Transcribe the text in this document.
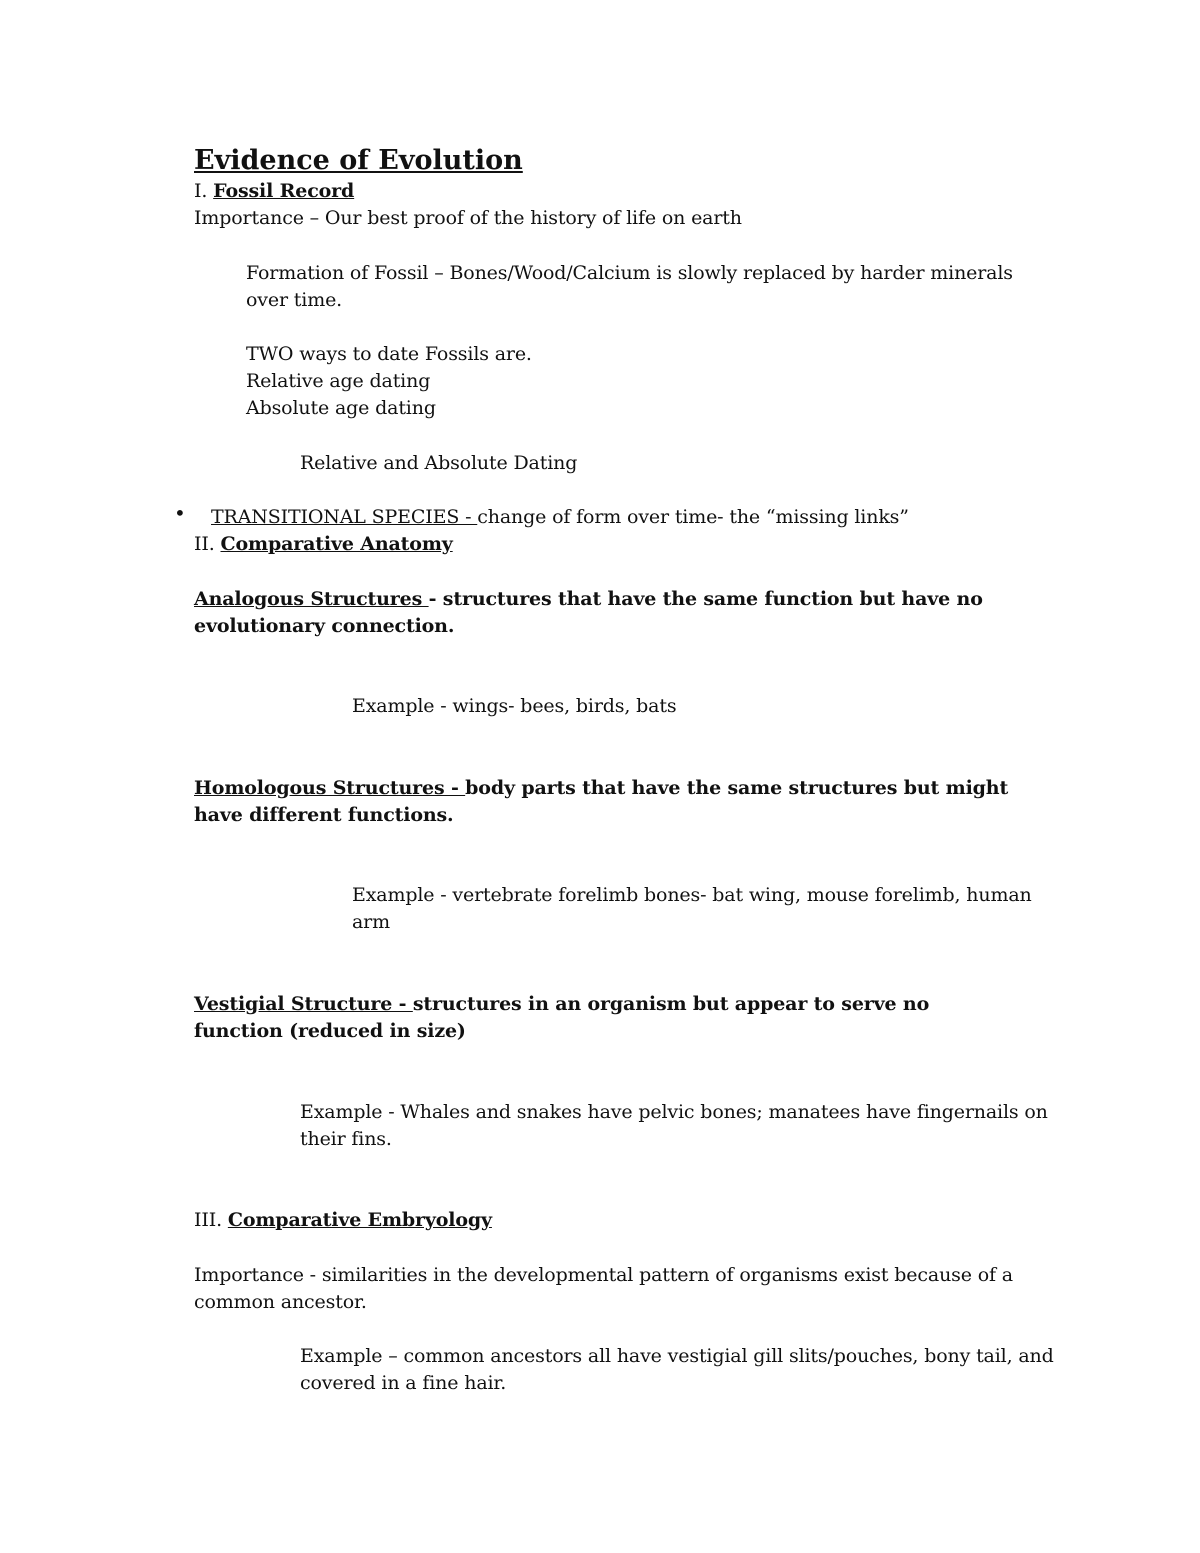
Evidence of Evolution
I. Fossil Record
Importance – Our best proof of the history of life on earth
Formation of Fossil – Bones/Wood/Calcium is slowly replaced by harder minerals over time.
TWO ways to date Fossils are.
Relative age dating
Absolute age dating
Relative and Absolute Dating
• TRANSITIONAL SPECIES - change of form over time- the “missing links”
II. Comparative Anatomy
Analogous Structures - structures that have the same function but have no evolutionary connection.
Example - wings- bees, birds, bats
Homologous Structures - body parts that have the same structures but might have different functions.
Example - vertebrate forelimb bones- bat wing, mouse forelimb, human arm
Vestigial Structure - structures in an organism but appear to serve no function (reduced in size)
Example - Whales and snakes have pelvic bones; manatees have fingernails on their fins.
III. Comparative Embryology
Importance - similarities in the developmental pattern of organisms exist because of a common ancestor.
Example – common ancestors all have vestigial gill slits/pouches, bony tail, and covered in a fine hair.
